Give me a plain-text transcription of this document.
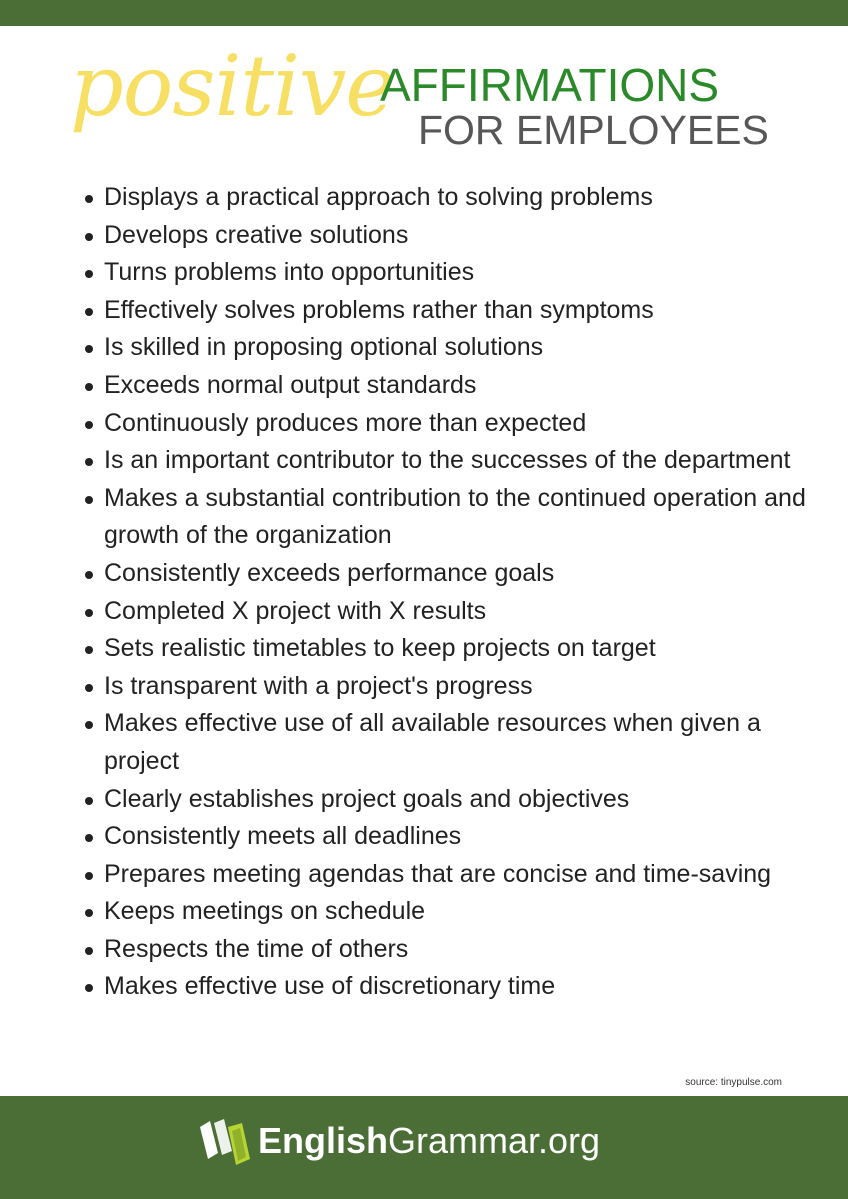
positive
AFFIRMATIONS
FOR EMPLOYEES
Displays a practical approach to solving problems
Develops creative solutions
Turns problems into opportunities
Effectively solves problems rather than symptoms
Is skilled in proposing optional solutions
Exceeds normal output standards
Continuously produces more than expected
Is an important contributor to the successes of the department
Makes a substantial contribution to the continued operation and growth of the organization
Consistently exceeds performance goals
Completed X project with X results
Sets realistic timetables to keep projects on target
Is transparent with a project's progress
Makes effective use of all available resources when given a project
Clearly establishes project goals and objectives
Consistently meets all deadlines
Prepares meeting agendas that are concise and time-saving
Keeps meetings on schedule
Respects the time of others
Makes effective use of discretionary time
source: tinypulse.com
EnglishGrammar.org
